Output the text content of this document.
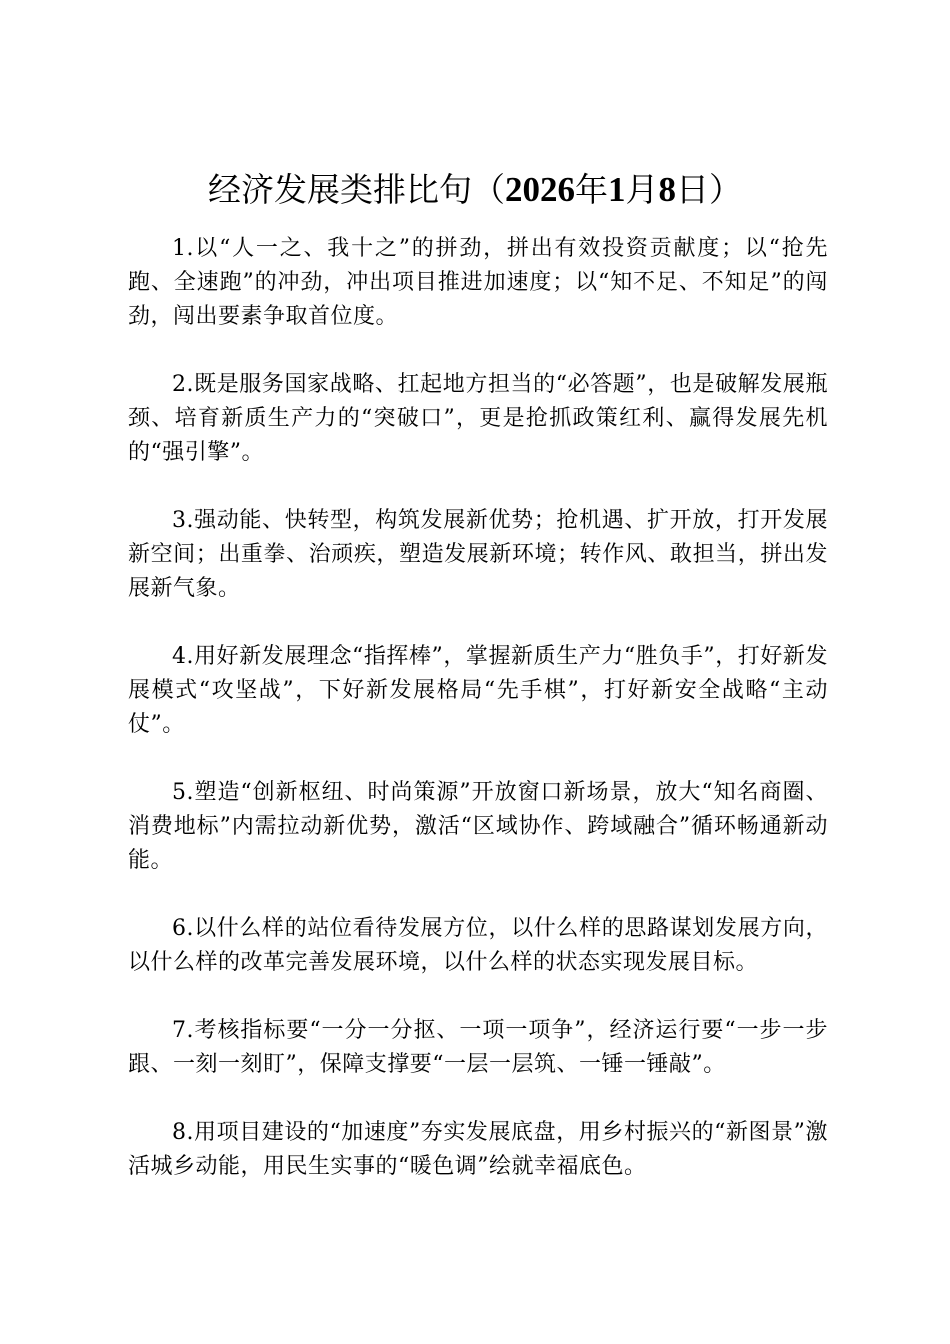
经济发展类排比句（2026年1月8日）

1.以“人一之、我十之”的拼劲，拼出有效投资贡献度；以“抢先跑、全速跑”的冲劲，冲出项目推进加速度；以“知不足、不知足”的闯劲，闯出要素争取首位度。

2.既是服务国家战略、扛起地方担当的“必答题”，也是破解发展瓶颈、培育新质生产力的“突破口”，更是抢抓政策红利、赢得发展先机的“强引擎”。

3.强动能、快转型，构筑发展新优势；抢机遇、扩开放，打开发展新空间；出重拳、治顽疾，塑造发展新环境；转作风、敢担当，拼出发展新气象。

4.用好新发展理念“指挥棒”，掌握新质生产力“胜负手”，打好新发展模式“攻坚战”，下好新发展格局“先手棋”，打好新安全战略“主动仗”。

5.塑造“创新枢纽、时尚策源”开放窗口新场景，放大“知名商圈、消费地标”内需拉动新优势，激活“区域协作、跨域融合”循环畅通新动能。

6.以什么样的站位看待发展方位，以什么样的思路谋划发展方向，以什么样的改革完善发展环境，以什么样的状态实现发展目标。

7.考核指标要“一分一分抠、一项一项争”，经济运行要“一步一步跟、一刻一刻盯”，保障支撑要“一层一层筑、一锤一锤敲”。

8.用项目建设的“加速度”夯实发展底盘，用乡村振兴的“新图景”激活城乡动能，用民生实事的“暖色调”绘就幸福底色。
